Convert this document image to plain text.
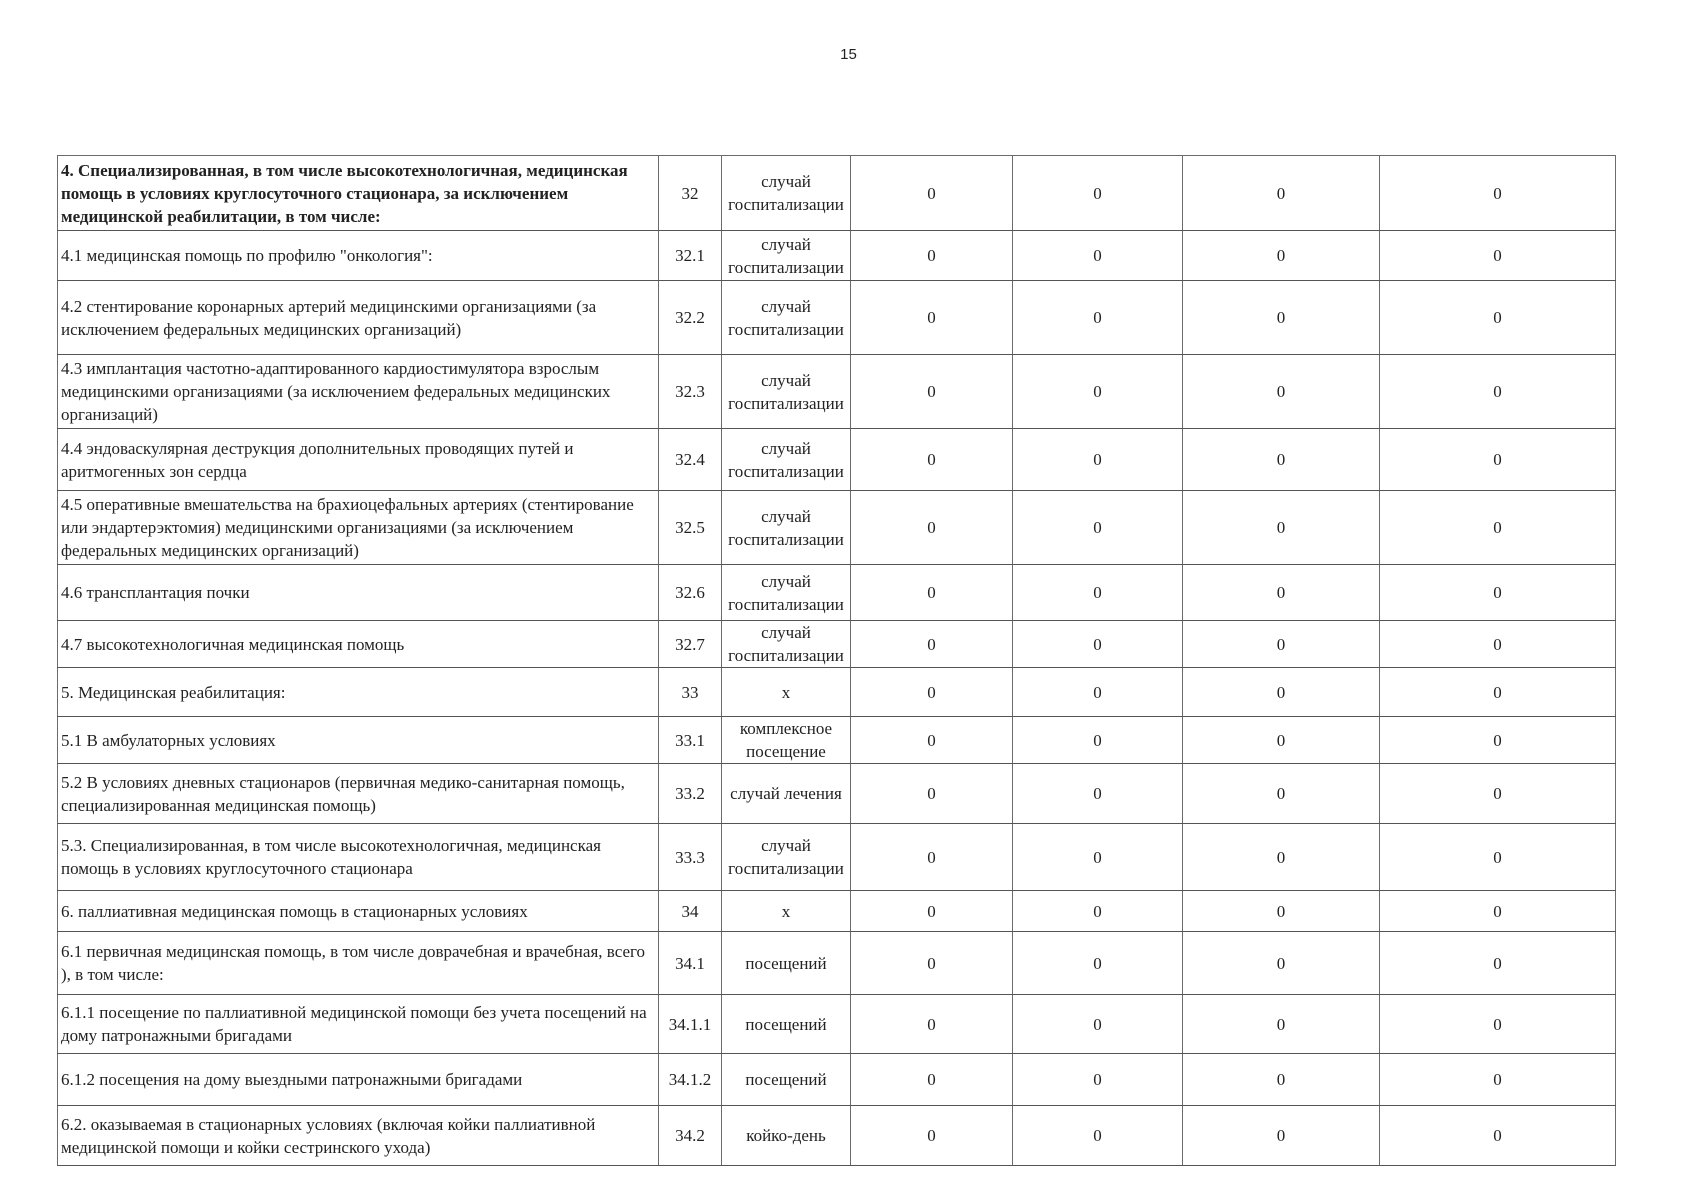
15
4. Специализированная, в том числе высокотехнологичная, медицинская помощь в условиях круглосуточного стационара, за исключением медицинской реабилитации, в том числе:	32	случай госпитализации	0	0	0	0
4.1 медицинская помощь по профилю "онкология":	32.1	случай госпитализации	0	0	0	0
4.2 стентирование коронарных артерий медицинскими организациями (за исключением федеральных медицинских организаций)	32.2	случай госпитализации	0	0	0	0
4.3 имплантация частотно-адаптированного кардиостимулятора взрослым медицинскими организациями (за исключением федеральных медицинских организаций)	32.3	случай госпитализации	0	0	0	0
4.4 эндоваскулярная деструкция дополнительных проводящих путей и аритмогенных зон сердца	32.4	случай госпитализации	0	0	0	0
4.5 оперативные вмешательства на брахиоцефальных артериях (стентирование или эндартерэктомия) медицинскими организациями (за исключением федеральных медицинских организаций)	32.5	случай госпитализации	0	0	0	0
4.6 трансплантация почки	32.6	случай госпитализации	0	0	0	0
4.7 высокотехнологичная медицинская помощь	32.7	случай госпитализации	0	0	0	0
5. Медицинская реабилитация:	33	х	0	0	0	0
5.1 В амбулаторных условиях	33.1	комплексное посещение	0	0	0	0
5.2 В условиях дневных стационаров (первичная медико-санитарная помощь, специализированная медицинская помощь)	33.2	случай лечения	0	0	0	0
5.3. Специализированная, в том числе высокотехнологичная, медицинская помощь в условиях круглосуточного стационара	33.3	случай госпитализации	0	0	0	0
6. паллиативная медицинская помощь в стационарных условиях	34	х	0	0	0	0
6.1 первичная медицинская помощь, в том числе доврачебная и врачебная, всего ), в том числе:	34.1	посещений	0	0	0	0
6.1.1 посещение по паллиативной медицинской помощи без учета посещений на дому патронажными бригадами	34.1.1	посещений	0	0	0	0
6.1.2 посещения на дому выездными патронажными бригадами	34.1.2	посещений	0	0	0	0
6.2. оказываемая в стационарных условиях (включая койки паллиативной медицинской помощи и койки сестринского ухода)	34.2	койко-день	0	0	0	0
